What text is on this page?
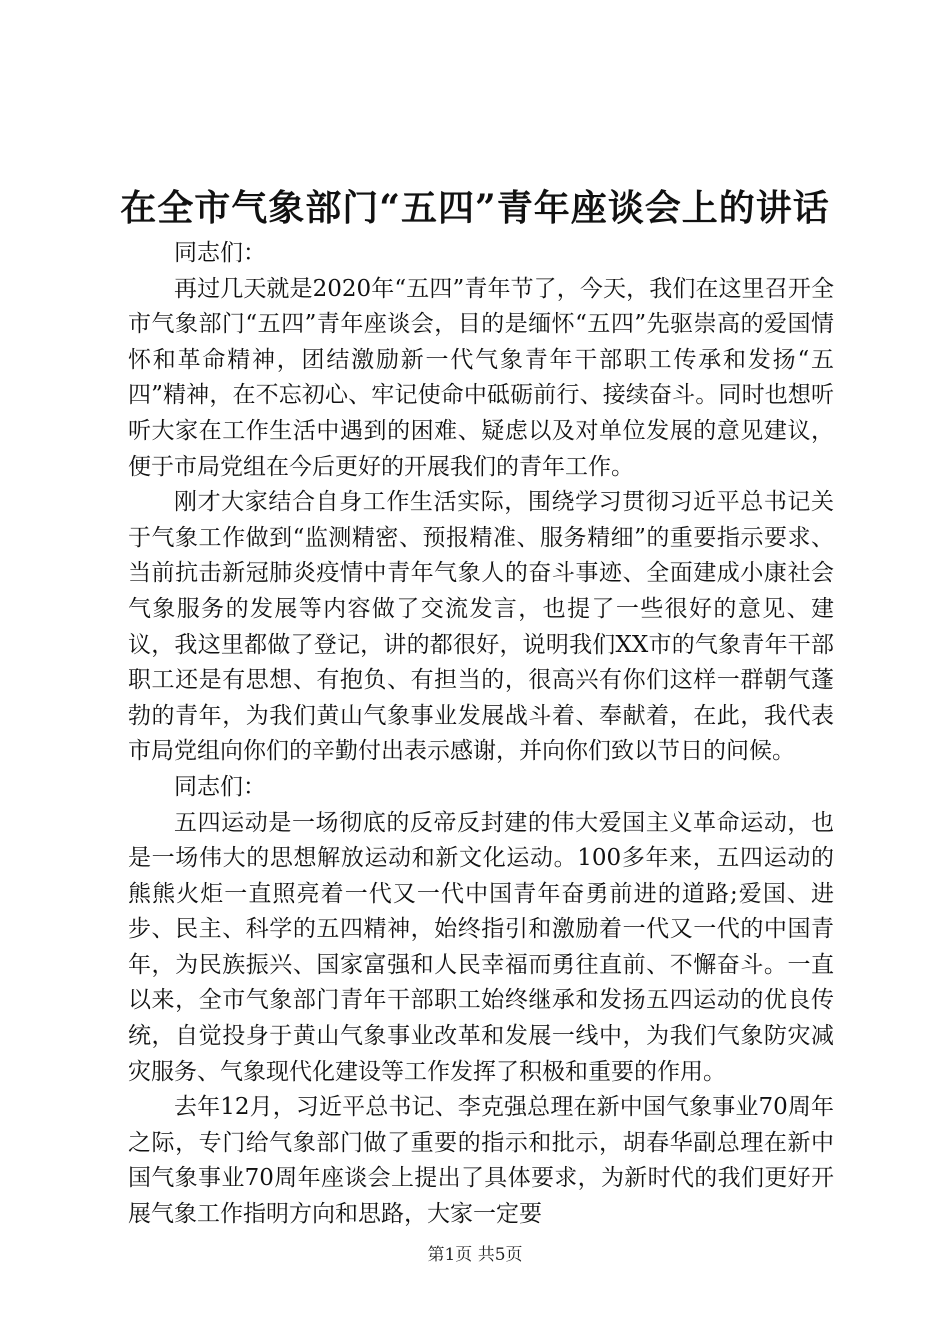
在全市气象部门“五四”青年座谈会上的讲话

同志们：

再过几天就是2020年“五四”青年节了，今天，我们在这里召开全市气象部门“五四”青年座谈会，目的是缅怀“五四”先驱崇高的爱国情怀和革命精神，团结激励新一代气象青年干部职工传承和发扬“五四”精神，在不忘初心、牢记使命中砥砺前行、接续奋斗。同时也想听听大家在工作生活中遇到的困难、疑虑以及对单位发展的意见建议，便于市局党组在今后更好的开展我们的青年工作。

刚才大家结合自身工作生活实际，围绕学习贯彻习近平总书记关于气象工作做到“监测精密、预报精准、服务精细”的重要指示要求、当前抗击新冠肺炎疫情中青年气象人的奋斗事迹、全面建成小康社会气象服务的发展等内容做了交流发言，也提了一些很好的意见、建议，我这里都做了登记，讲的都很好，说明我们XX市的气象青年干部职工还是有思想、有抱负、有担当的，很高兴有你们这样一群朝气蓬勃的青年，为我们黄山气象事业发展战斗着、奉献着，在此，我代表市局党组向你们的辛勤付出表示感谢，并向你们致以节日的问候。

同志们：

五四运动是一场彻底的反帝反封建的伟大爱国主义革命运动，也是一场伟大的思想解放运动和新文化运动。100多年来，五四运动的熊熊火炬一直照亮着一代又一代中国青年奋勇前进的道路;爱国、进步、民主、科学的五四精神，始终指引和激励着一代又一代的中国青年，为民族振兴、国家富强和人民幸福而勇往直前、不懈奋斗。一直以来，全市气象部门青年干部职工始终继承和发扬五四运动的优良传统，自觉投身于黄山气象事业改革和发展一线中，为我们气象防灾减灾服务、气象现代化建设等工作发挥了积极和重要的作用。

去年12月，习近平总书记、李克强总理在新中国气象事业70周年之际，专门给气象部门做了重要的指示和批示，胡春华副总理在新中国气象事业70周年座谈会上提出了具体要求，为新时代的我们更好开展气象工作指明方向和思路，大家一定要

第1页 共5页
